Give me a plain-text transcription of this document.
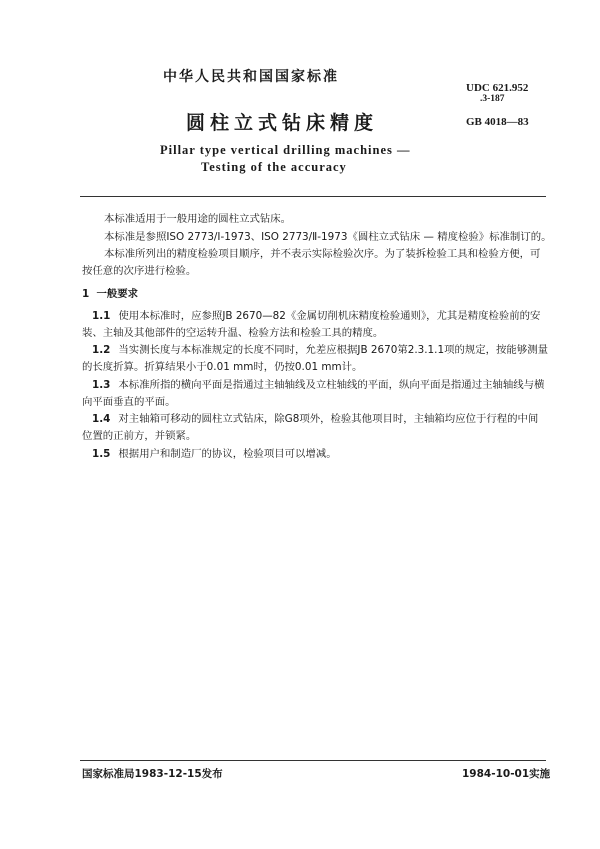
中华人民共和国国家标准
UDC 621.952
.3-187
圆柱立式钻床精度	GB 4018—83
Pillar type vertical drilling machines —
Testing of the accuracy
本标准适用于一般用途的圆柱立式钻床。
本标准是参照ISO 2773/Ⅰ-1973、ISO 2773/Ⅱ-1973《圆柱立式钻床 — 精度检验》标准制订的。
本标准所列出的精度检验项目顺序，并不表示实际检验次序。为了装拆检验工具和检验方便，可
按任意的次序进行检验。
1  一般要求
1.1 使用本标准时，应参照JB 2670—82《金属切削机床精度检验通则》，尤其是精度检验前的安
装、主轴及其他部件的空运转升温、检验方法和检验工具的精度。
1.2 当实测长度与本标准规定的长度不同时，允差应根据JB 2670第2.3.1.1项的规定，按能够测量
的长度折算。折算结果小于0.01 mm时，仍按0.01 mm计。
1.3 本标准所指的横向平面是指通过主轴轴线及立柱轴线的平面，纵向平面是指通过主轴轴线与横
向平面垂直的平面。
1.4 对主轴箱可移动的圆柱立式钻床，除G8项外，检验其他项目时，主轴箱均应位于行程的中间
位置的正前方，并锁紧。
1.5 根据用户和制造厂的协议，检验项目可以增减。
国家标准局1983-12-15发布	1984-10-01实施
